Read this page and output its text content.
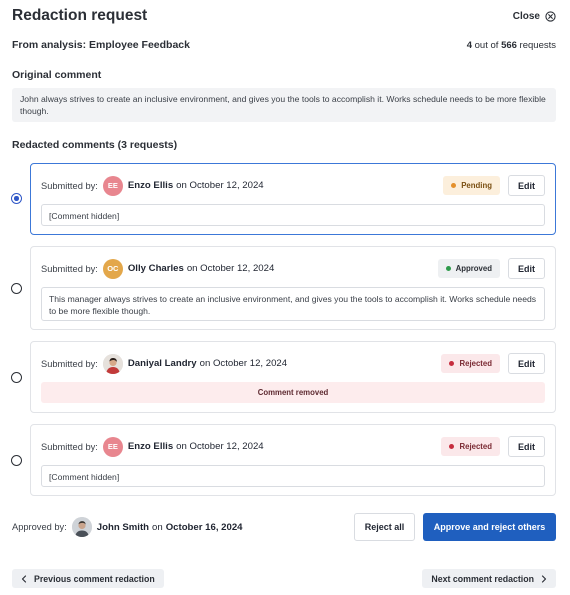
Redaction request	Close
From analysis: Employee Feedback	4 out of 566 requests
Original comment
John always strives to create an inclusive environment, and gives you the tools to accomplish it. Works schedule needs to be more flexible though.
Redacted comments (3 requests)
Submitted by:	EE	Enzo Ellis on October 12, 2024	Pending	Edit
[Comment hidden]
Submitted by:	OC Olly Charles on October 12, 2024	Approved	Edit
This manager always strives to create an inclusive environment, and gives you the tools to accomplish it. Works schedule needs to be more flexible though.
Submitted by:	Daniyal Landry on October 12, 2024	Rejected	Edit
Comment removed
Submitted by:	EE	Enzo Ellis on October 12, 2024	Rejected	Edit
[Comment hidden]
Approved by:	John Smith on October 16, 2024	Reject all	Approve and reject others
Previous comment redaction	Next comment redaction
